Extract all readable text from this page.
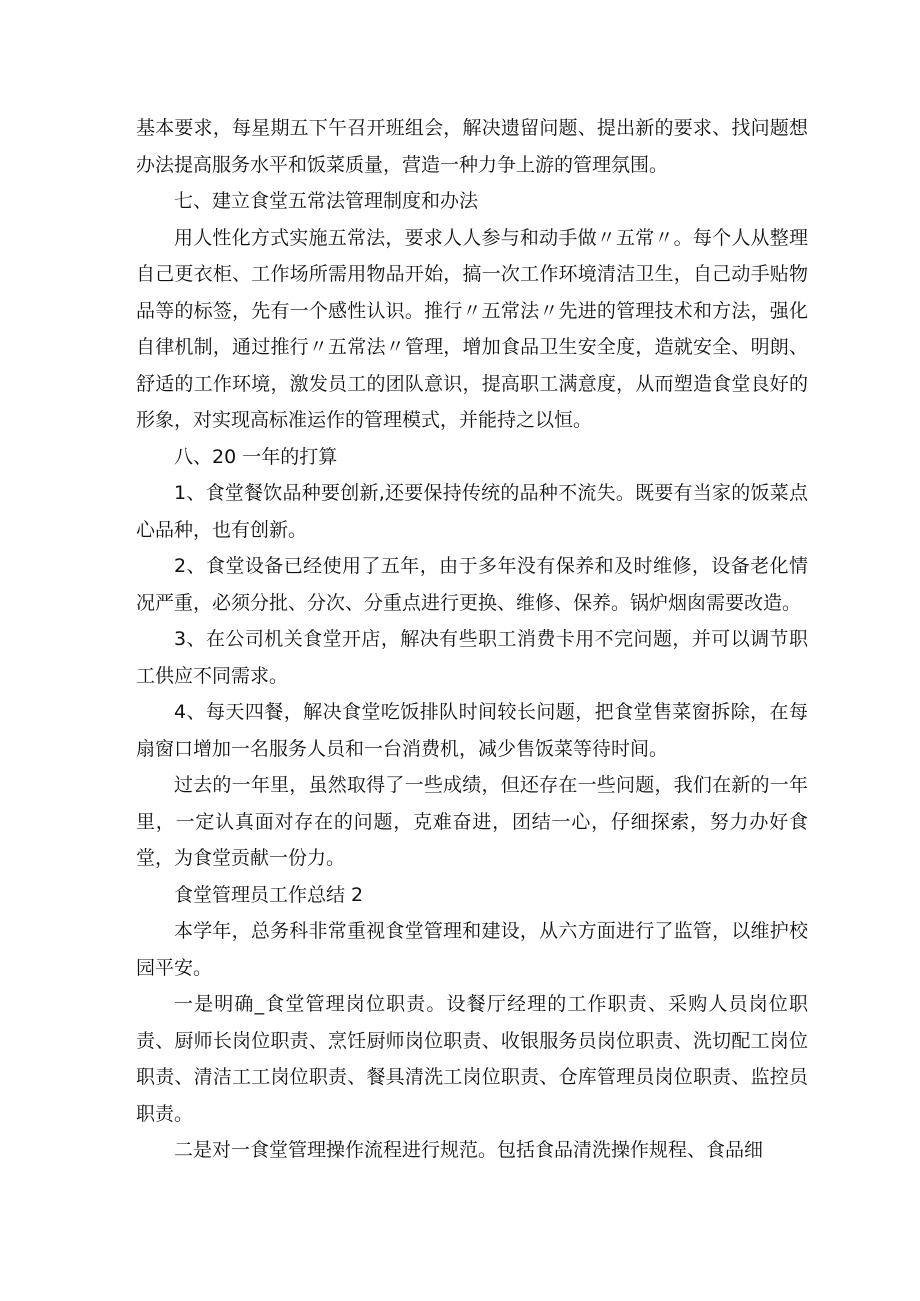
基本要求，每星期五下午召开班组会，解决遗留问题、提出新的要求、找问题想办法提高服务水平和饭菜质量，营造一种力争上游的管理氛围。

七、建立食堂五常法管理制度和办法

用人性化方式实施五常法，要求人人参与和动手做〃五常〃。每个人从整理自己更衣柜、工作场所需用物品开始，搞一次工作环境清洁卫生，自己动手贴物品等的标签，先有一个感性认识。推行〃五常法〃先进的管理技术和方法，强化自律机制，通过推行〃五常法〃管理，增加食品卫生安全度，造就安全、明朗、舒适的工作环境，激发员工的团队意识，提高职工满意度，从而塑造食堂良好的形象，对实现高标准运作的管理模式，并能持之以恒。

八、20 一年的打算

1、食堂餐饮品种要创新,还要保持传统的品种不流失。既要有当家的饭菜点心品种，也有创新。

2、食堂设备已经使用了五年，由于多年没有保养和及时维修，设备老化情况严重，必须分批、分次、分重点进行更换、维修、保养。锅炉烟囱需要改造。

3、在公司机关食堂开店，解决有些职工消费卡用不完问题，并可以调节职工供应不同需求。

4、每天四餐，解决食堂吃饭排队时间较长问题，把食堂售菜窗拆除，在每扇窗口增加一名服务人员和一台消费机，减少售饭菜等待时间。

过去的一年里，虽然取得了一些成绩，但还存在一些问题，我们在新的一年里，一定认真面对存在的问题，克难奋进，团结一心，仔细探索，努力办好食堂，为食堂贡献一份力。

食堂管理员工作总结 2

本学年，总务科非常重视食堂管理和建设，从六方面进行了监管，以维护校园平安。

一是明确_食堂管理岗位职责。设餐厅经理的工作职责、采购人员岗位职责、厨师长岗位职责、烹饪厨师岗位职责、收银服务员岗位职责、洗切配工岗位职责、清洁工工岗位职责、餐具清洗工岗位职责、仓库管理员岗位职责、监控员职责。

二是对一食堂管理操作流程进行规范。包括食品清洗操作规程、食品细
